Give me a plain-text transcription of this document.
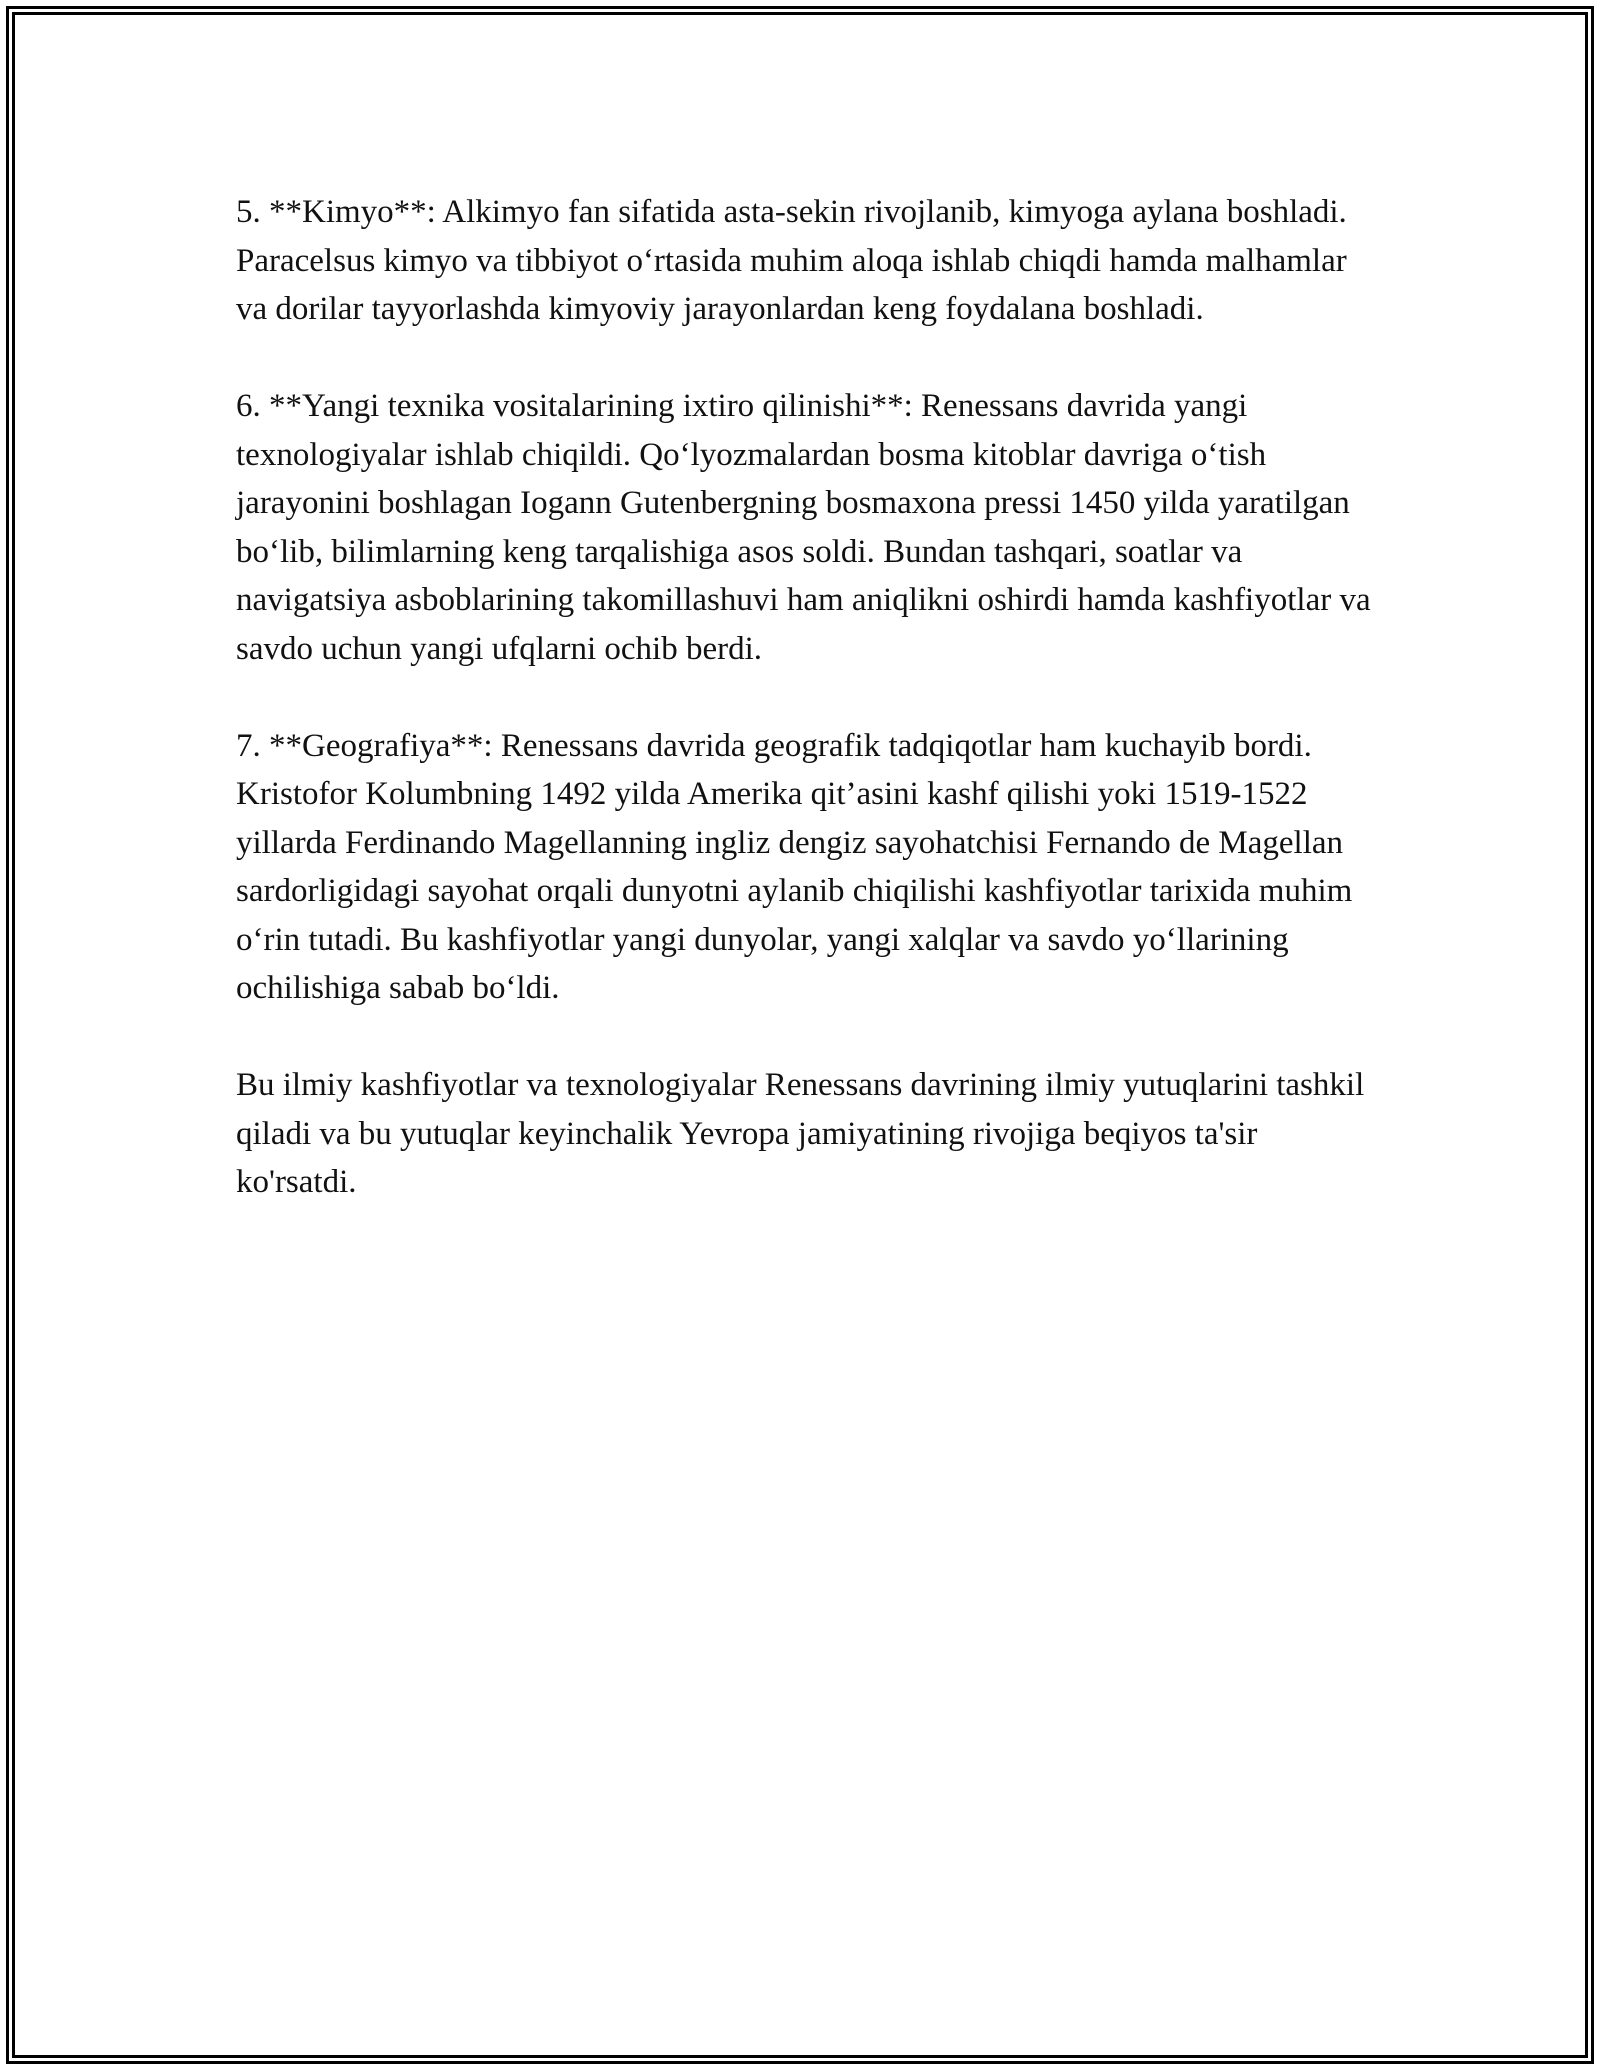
5. **Kimyo**: Alkimyo fan sifatida asta-sekin rivojlanib, kimyoga aylana boshladi. Paracelsus kimyo va tibbiyot o‘rtasida muhim aloqa ishlab chiqdi hamda malhamlar va dorilar tayyorlashda kimyoviy jarayonlardan keng foydalana boshladi.

6. **Yangi texnika vositalarining ixtiro qilinishi**: Renessans davrida yangi texnologiyalar ishlab chiqildi. Qo‘lyozmalardan bosma kitoblar davriga o‘tish jarayonini boshlagan Iogann Gutenbergning bosmaxona pressi 1450 yilda yaratilgan bo‘lib, bilimlarning keng tarqalishiga asos soldi. Bundan tashqari, soatlar va navigatsiya asboblarining takomillashuvi ham aniqlikni oshirdi hamda kashfiyotlar va savdo uchun yangi ufqlarni ochib berdi.

7. **Geografiya**: Renessans davrida geografik tadqiqotlar ham kuchayib bordi. Kristofor Kolumbning 1492 yilda Amerika qit’asini kashf qilishi yoki 1519-1522 yillarda Ferdinando Magellanning ingliz dengiz sayohatchisi Fernando de Magellan sardorligidagi sayohat orqali dunyotni aylanib chiqilishi kashfiyotlar tarixida muhim o‘rin tutadi. Bu kashfiyotlar yangi dunyolar, yangi xalqlar va savdo yo‘llarining ochilishiga sabab bo‘ldi.

Bu ilmiy kashfiyotlar va texnologiyalar Renessans davrining ilmiy yutuqlarini tashkil qiladi va bu yutuqlar keyinchalik Yevropa jamiyatining rivojiga beqiyos ta'sir ko'rsatdi.
